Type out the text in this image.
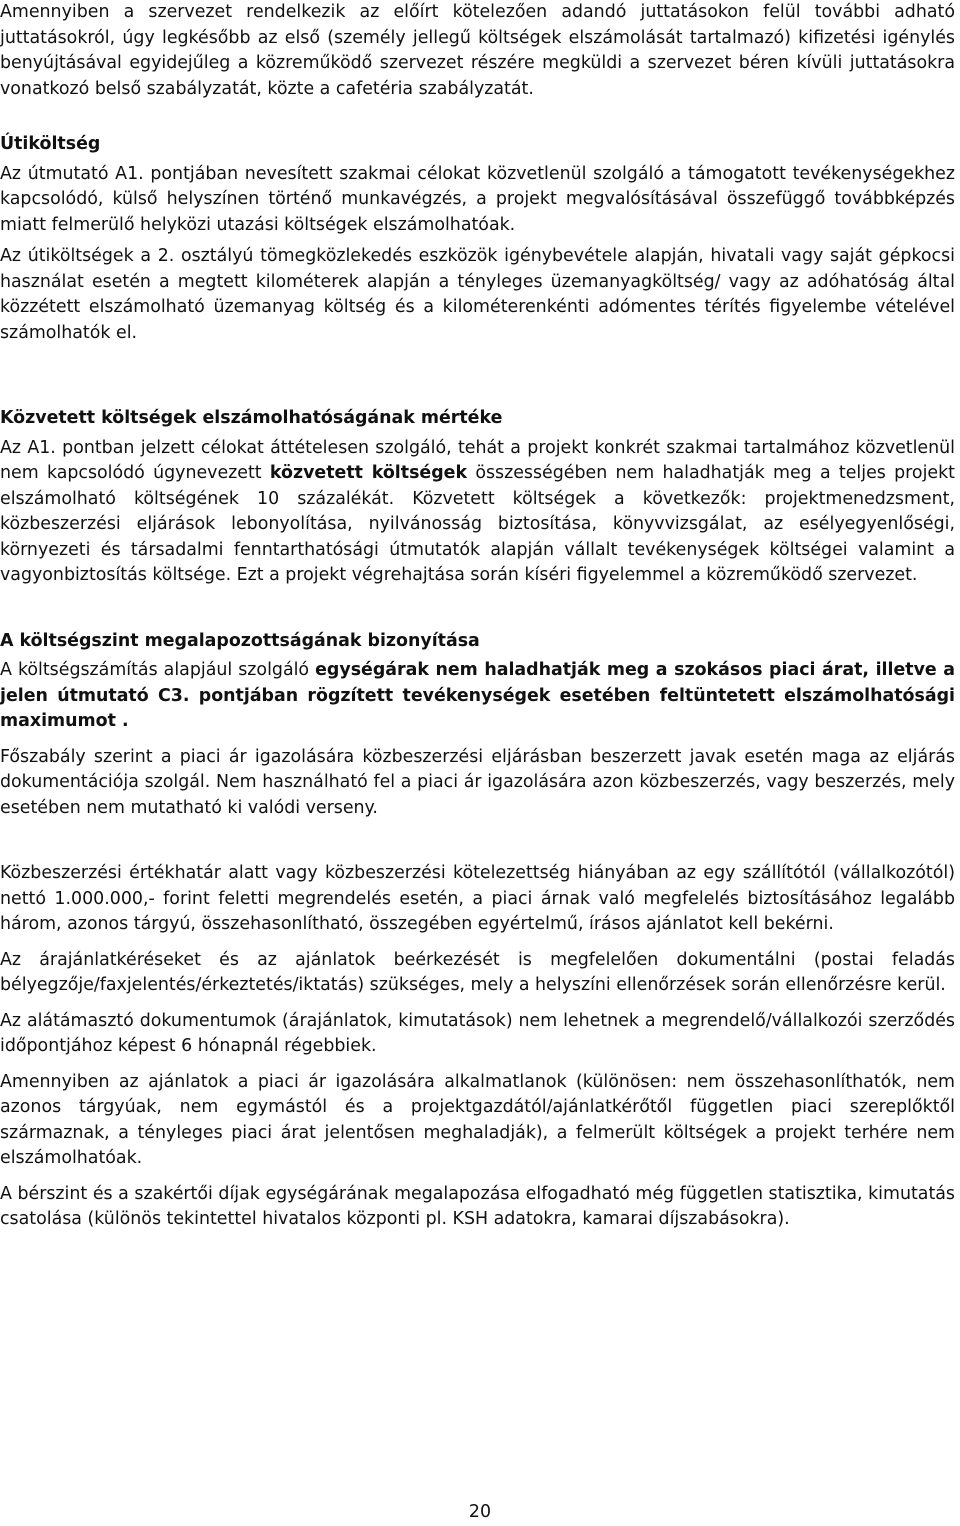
Amennyiben a szervezet rendelkezik az előírt kötelezően adandó juttatásokon felül további adható juttatásokról, úgy legkésőbb az első (személy jellegű költségek elszámolását tartalmazó) kifizetési igénylés benyújtásával egyidejűleg a közreműködő szervezet részére megküldi a szervezet béren kívüli juttatásokra vonatkozó belső szabályzatát, közte a cafetéria szabályzatát.

Útiköltség

Az útmutató A1. pontjában nevesített szakmai célokat közvetlenül szolgáló a támogatott tevékenységekhez kapcsolódó, külső helyszínen történő munkavégzés, a projekt megvalósításával összefüggő továbbképzés miatt felmerülő helyközi utazási költségek elszámolhatóak.

Az útiköltségek a 2. osztályú tömegközlekedés eszközök igénybevétele alapján, hivatali vagy saját gépkocsi használat esetén a megtett kilométerek alapján a tényleges üzemanyagköltség/ vagy az adóhatóság által közzétett elszámolható üzemanyag költség és a kilométerenkénti adómentes térítés figyelembe vételével számolhatók el.

Közvetett költségek elszámolhatóságának mértéke

Az A1. pontban jelzett célokat áttételesen szolgáló, tehát a projekt konkrét szakmai tartalmához közvetlenül nem kapcsolódó úgynevezett közvetett költségek összességében nem haladhatják meg a teljes projekt elszámolható költségének 10 százalékát. Közvetett költségek a következők: projektmenedzsment, közbeszerzési eljárások lebonyolítása, nyilvánosság biztosítása, könyvvizsgálat, az esélyegyenlőségi, környezeti és társadalmi fenntarthatósági útmutatók alapján vállalt tevékenységek költségei valamint a vagyonbiztosítás költsége. Ezt a projekt végrehajtása során kíséri figyelemmel a közreműködő szervezet.

A költségszint megalapozottságának bizonyítása

A költségszámítás alapjául szolgáló egységárak nem haladhatják meg a szokásos piaci árat, illetve a jelen útmutató C3. pontjában rögzített tevékenységek esetében feltüntetett elszámolhatósági maximumot .

Főszabály szerint a piaci ár igazolására közbeszerzési eljárásban beszerzett javak esetén maga az eljárás dokumentációja szolgál. Nem használható fel a piaci ár igazolására azon közbeszerzés, vagy beszerzés, mely esetében nem mutatható ki valódi verseny.

Közbeszerzési értékhatár alatt vagy közbeszerzési kötelezettség hiányában az egy szállítótól (vállalkozótól) nettó 1.000.000,- forint feletti megrendelés esetén, a piaci árnak való megfelelés biztosításához legalább három, azonos tárgyú, összehasonlítható, összegében egyértelmű, írásos ajánlatot kell bekérni.

Az árajánlatkéréseket és az ajánlatok beérkezését is megfelelően dokumentálni (postai feladás bélyegzője/faxjelentés/érkeztetés/iktatás) szükséges, mely a helyszíni ellenőrzések során ellenőrzésre kerül.

Az alátámasztó dokumentumok (árajánlatok, kimutatások) nem lehetnek a megrendelő/vállalkozói szerződés időpontjához képest 6 hónapnál régebbiek.

Amennyiben az ajánlatok a piaci ár igazolására alkalmatlanok (különösen: nem összehasonlíthatók, nem azonos tárgyúak, nem egymástól és a projektgazdától/ajánlatkérőtől független piaci szereplőktől származnak, a tényleges piaci árat jelentősen meghaladják), a felmerült költségek a projekt terhére nem elszámolhatóak.

A bérszint és a szakértői díjak egységárának megalapozása elfogadható még független statisztika, kimutatás csatolása (különös tekintettel hivatalos központi pl. KSH adatokra, kamarai díjszabásokra).

20
